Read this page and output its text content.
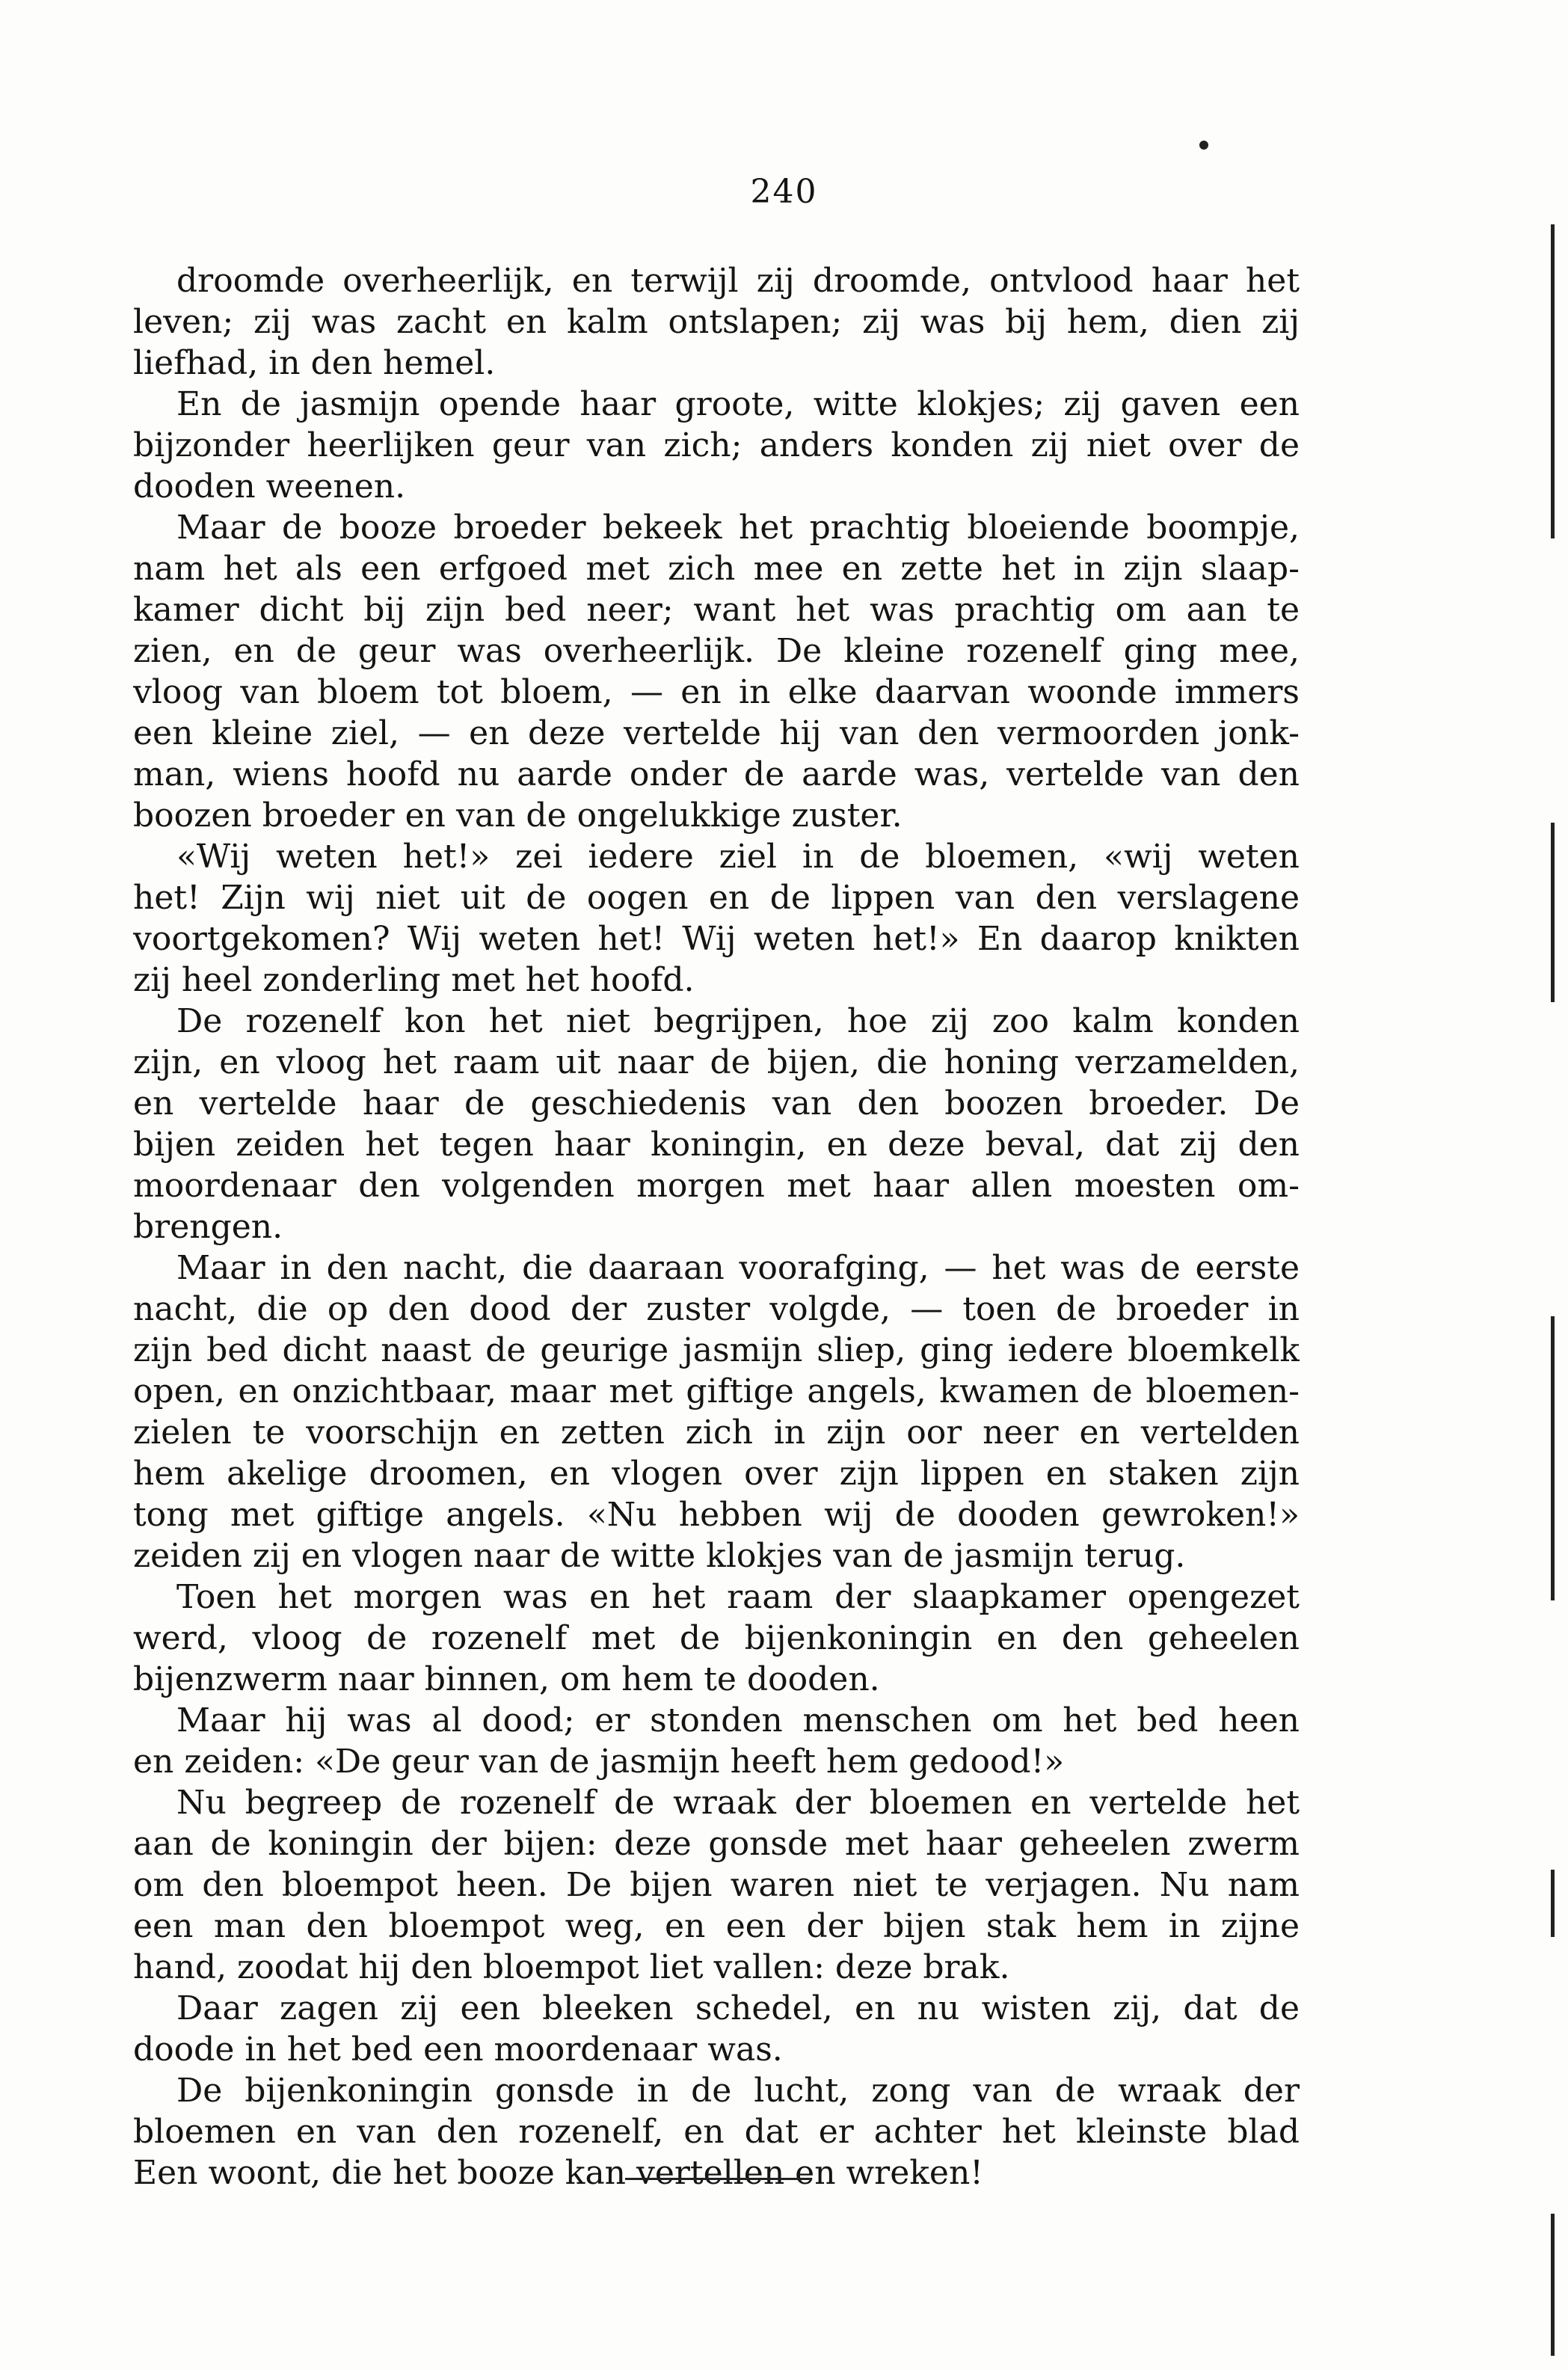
240
droomde overheerlijk, en terwijl zij droomde, ontvlood haar het
leven; zij was zacht en kalm ontslapen; zij was bij hem, dien zij
liefhad, in den hemel.
En de jasmijn opende haar groote, witte klokjes; zij gaven een
bijzonder heerlijken geur van zich; anders konden zij niet over de
dooden weenen.
Maar de booze broeder bekeek het prachtig bloeiende boompje,
nam het als een erfgoed met zich mee en zette het in zijn slaap-
kamer dicht bij zijn bed neer; want het was prachtig om aan te
zien, en de geur was overheerlijk. De kleine rozenelf ging mee,
vloog van bloem tot bloem, — en in elke daarvan woonde immers
een kleine ziel, — en deze vertelde hij van den vermoorden jonk-
man, wiens hoofd nu aarde onder de aarde was, vertelde van den
boozen broeder en van de ongelukkige zuster.
«Wij weten het!» zei iedere ziel in de bloemen, «wij weten
het! Zijn wij niet uit de oogen en de lippen van den verslagene
voortgekomen? Wij weten het! Wij weten het!» En daarop knikten
zij heel zonderling met het hoofd.
De rozenelf kon het niet begrijpen, hoe zij zoo kalm konden
zijn, en vloog het raam uit naar de bijen, die honing verzamelden,
en vertelde haar de geschiedenis van den boozen broeder. De
bijen zeiden het tegen haar koningin, en deze beval, dat zij den
moordenaar den volgenden morgen met haar allen moesten om-
brengen.
Maar in den nacht, die daaraan voorafging, — het was de eerste
nacht, die op den dood der zuster volgde, — toen de broeder in
zijn bed dicht naast de geurige jasmijn sliep, ging iedere bloemkelk
open, en onzichtbaar, maar met giftige angels, kwamen de bloemen-
zielen te voorschijn en zetten zich in zijn oor neer en vertelden
hem akelige droomen, en vlogen over zijn lippen en staken zijn
tong met giftige angels. «Nu hebben wij de dooden gewroken!»
zeiden zij en vlogen naar de witte klokjes van de jasmijn terug.
Toen het morgen was en het raam der slaapkamer opengezet
werd, vloog de rozenelf met de bijenkoningin en den geheelen
bijenzwerm naar binnen, om hem te dooden.
Maar hij was al dood; er stonden menschen om het bed heen
en zeiden: «De geur van de jasmijn heeft hem gedood!»
Nu begreep de rozenelf de wraak der bloemen en vertelde het
aan de koningin der bijen: deze gonsde met haar geheelen zwerm
om den bloempot heen. De bijen waren niet te verjagen. Nu nam
een man den bloempot weg, en een der bijen stak hem in zijne
hand, zoodat hij den bloempot liet vallen: deze brak.
Daar zagen zij een bleeken schedel, en nu wisten zij, dat de
doode in het bed een moordenaar was.
De bijenkoningin gonsde in de lucht, zong van de wraak der
bloemen en van den rozenelf, en dat er achter het kleinste blad
Een woont, die het booze kan vertellen en wreken!
